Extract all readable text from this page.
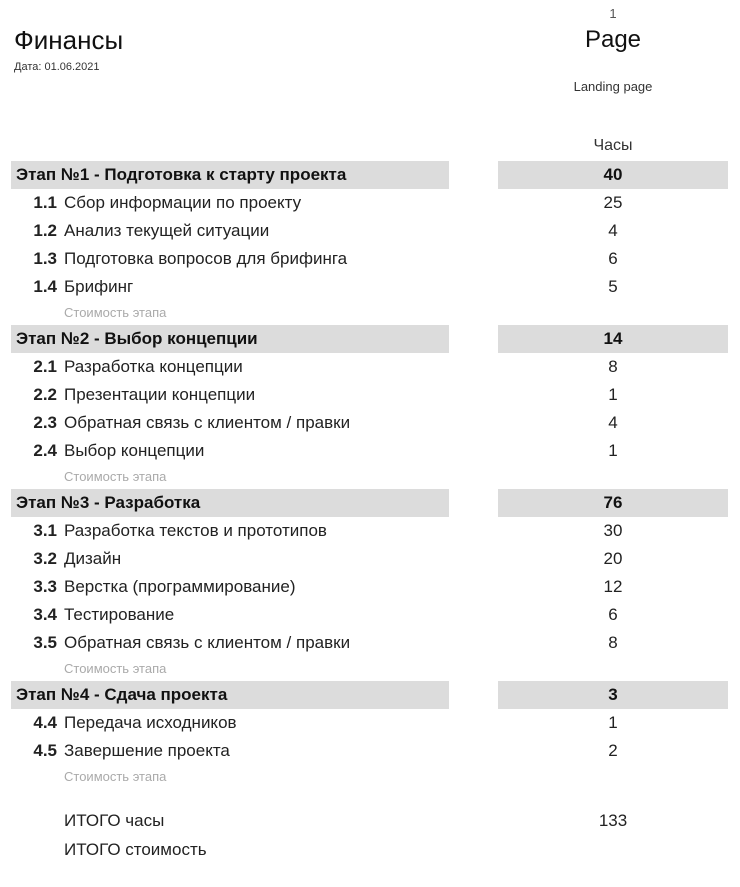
Финансы
Дата: 01.06.2021
1
Page
Landing page
Часы
Этап №1 - Подготовка к старту проекта	40
1.1 Сбор информации по проекту	25
1.2 Анализ текущей ситуации	4
1.3 Подготовка вопросов для брифинга	6
1.4 Брифинг	5
Стоимость этапа
Этап №2 - Выбор концепции	14
2.1 Разработка концепции	8
2.2 Презентации концепции	1
2.3 Обратная связь с клиентом / правки	4
2.4 Выбор концепции	1
Стоимость этапа
Этап №3 - Разработка	76
3.1 Разработка текстов и прототипов	30
3.2 Дизайн	20
3.3 Верстка (программирование)	12
3.4 Тестирование	6
3.5 Обратная связь с клиентом / правки	8
Стоимость этапа
Этап №4 - Сдача проекта	3
4.4 Передача исходников	1
4.5 Завершение проекта	2
Стоимость этапа
ИТОГО часы	133
ИТОГО стоимость
